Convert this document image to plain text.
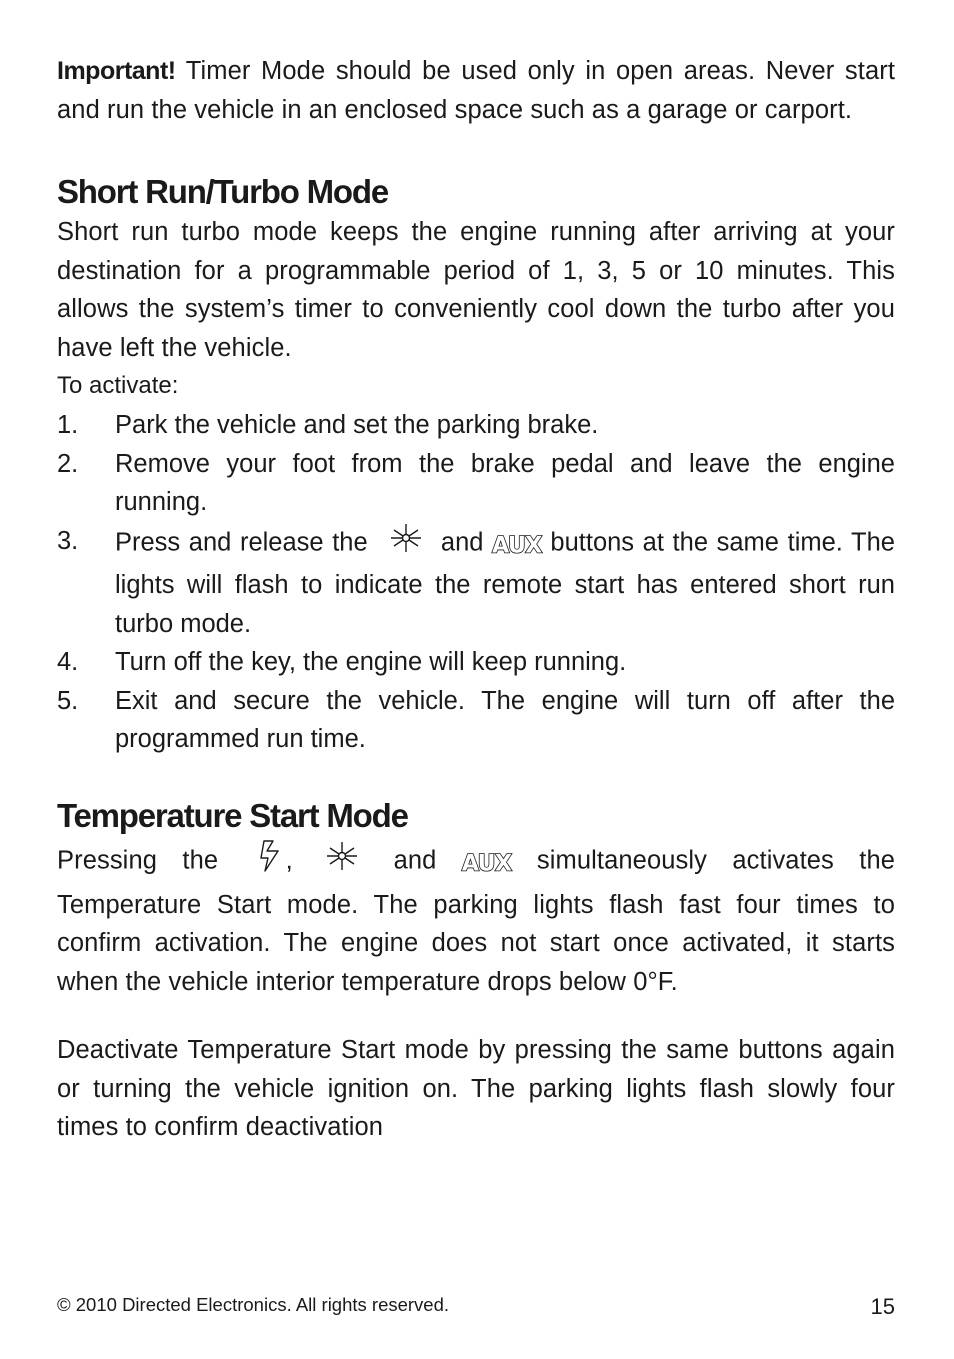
Important! Timer Mode should be used only in open areas. Never start and run the vehicle in an enclosed space such as a garage or carport.

Short Run/Turbo Mode

Short run turbo mode keeps the engine running after arriving at your destination for a programmable period of 1, 3, 5 or 10 minutes. This allows the system’s timer to conveniently cool down the turbo after you have left the vehicle.

To activate:

1. Park the vehicle and set the parking brake.
2. Remove your foot from the brake pedal and leave the engine running.
3. Press and release the	and AUX buttons at the same time. The lights will flash to indicate the remote start has entered short run turbo mode.
4. Turn off the key, the engine will keep running.
5. Exit and secure the vehicle. The engine will turn off after the programmed run time.
Temperature Start Mode

Pressing the	,	and AUX simultaneously activates the Temperature Start mode. The parking lights flash fast four times to confirm activation. The engine does not start once activated, it starts when the vehicle interior temperature drops below 0°F.

Deactivate Temperature Start mode by pressing the same buttons again or turning the vehicle ignition on. The parking lights flash slowly four times to confirm deactivation

© 2010 Directed Electronics. All rights reserved.	15
